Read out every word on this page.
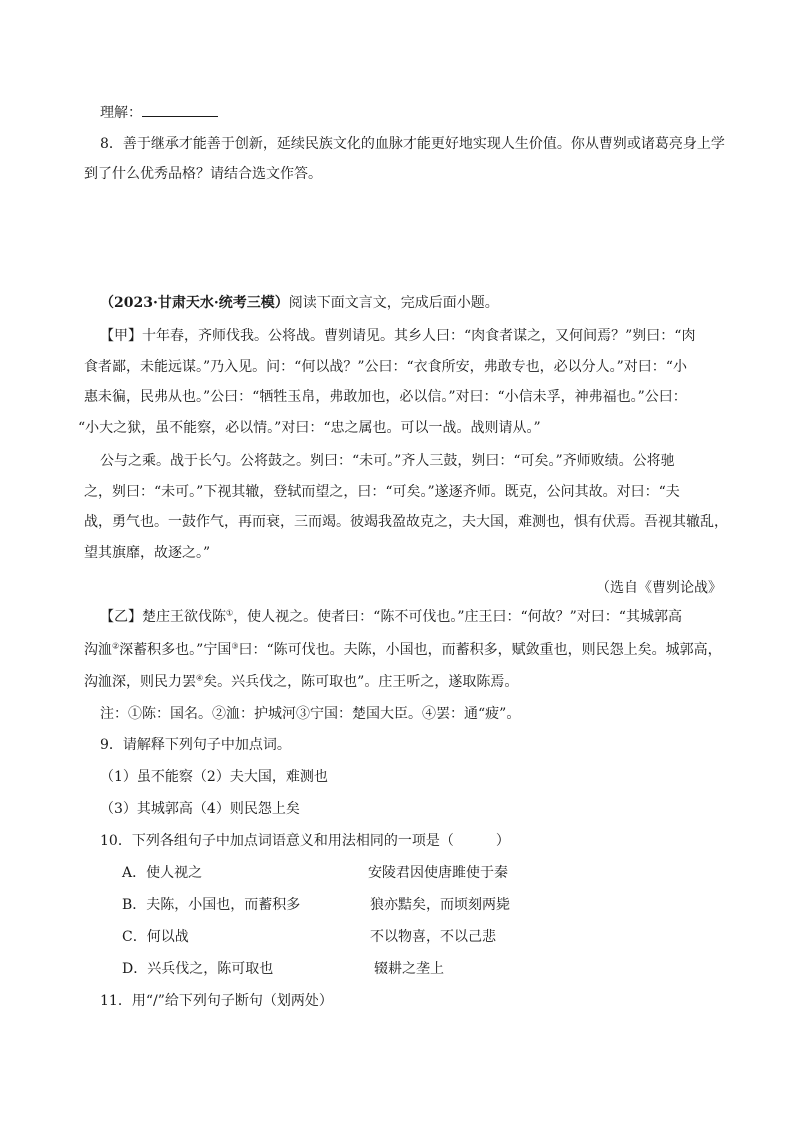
理解：
8．善于继承才能善于创新，延续民族文化的血脉才能更好地实现人生价值。你从曹刿或诸葛亮身上学
到了什么优秀品格？请结合选文作答。
（2023·甘肃天水·统考三模）阅读下面文言文，完成后面小题。
【甲】十年春，齐师伐我。公将战。曹刿请见。其乡人曰：“肉食者谋之，又何间焉？”刿曰：“肉
食者鄙，未能远谋。”乃入见。问：“何以战？”公曰：“衣食所安，弗敢专也，必以分人。”对曰：“小
惠未徧，民弗从也。”公曰：“牺牲玉帛，弗敢加也，必以信。”对曰：“小信未孚，神弗福也。”公曰：
“小大之狱，虽不能察，必以情。”对曰：“忠之属也。可以一战。战则请从。”
公与之乘。战于长勺。公将鼓之。刿曰：“未可。”齐人三鼓，刿曰：“可矣。”齐师败绩。公将驰
之，刿曰：“未可。”下视其辙，登轼而望之，曰：“可矣。”遂逐齐师。既克，公问其故。对曰：“夫
战，勇气也。一鼓作气，再而衰，三而竭。彼竭我盈故克之，夫大国，难测也，惧有伏焉。吾视其辙乱，
望其旗靡，故逐之。”
（选自《曹刿论战》
【乙】楚庄王欲伐陈①，使人视之。使者曰：“陈不可伐也。”庄王曰：“何故？”对曰：“其城郭高
沟洫②深蓄积多也。”宁国③曰：“陈可伐也。夫陈，小国也，而蓄积多，赋敛重也，则民怨上矣。城郭高，
沟洫深，则民力罢④矣。兴兵伐之，陈可取也”。庄王听之，遂取陈焉。
注：①陈：国名。②洫：护城河③宁国：楚国大臣。④罢：通“疲”。
9．请解释下列句子中加点词。
（1）虽不能察（2）夫大国，难测也
（3）其城郭高（4）则民怨上矣
10．下列各组句子中加点词语意义和用法相同的一项是（　　　）
A．使人视之	安陵君因使唐雎使于秦
B．夫陈，小国也，而蓄积多	狼亦黠矣，而顷刻两毙
C．何以战	不以物喜，不以己悲
D．兴兵伐之，陈可取也	辍耕之垄上
11．用“/”给下列句子断句（划两处）
